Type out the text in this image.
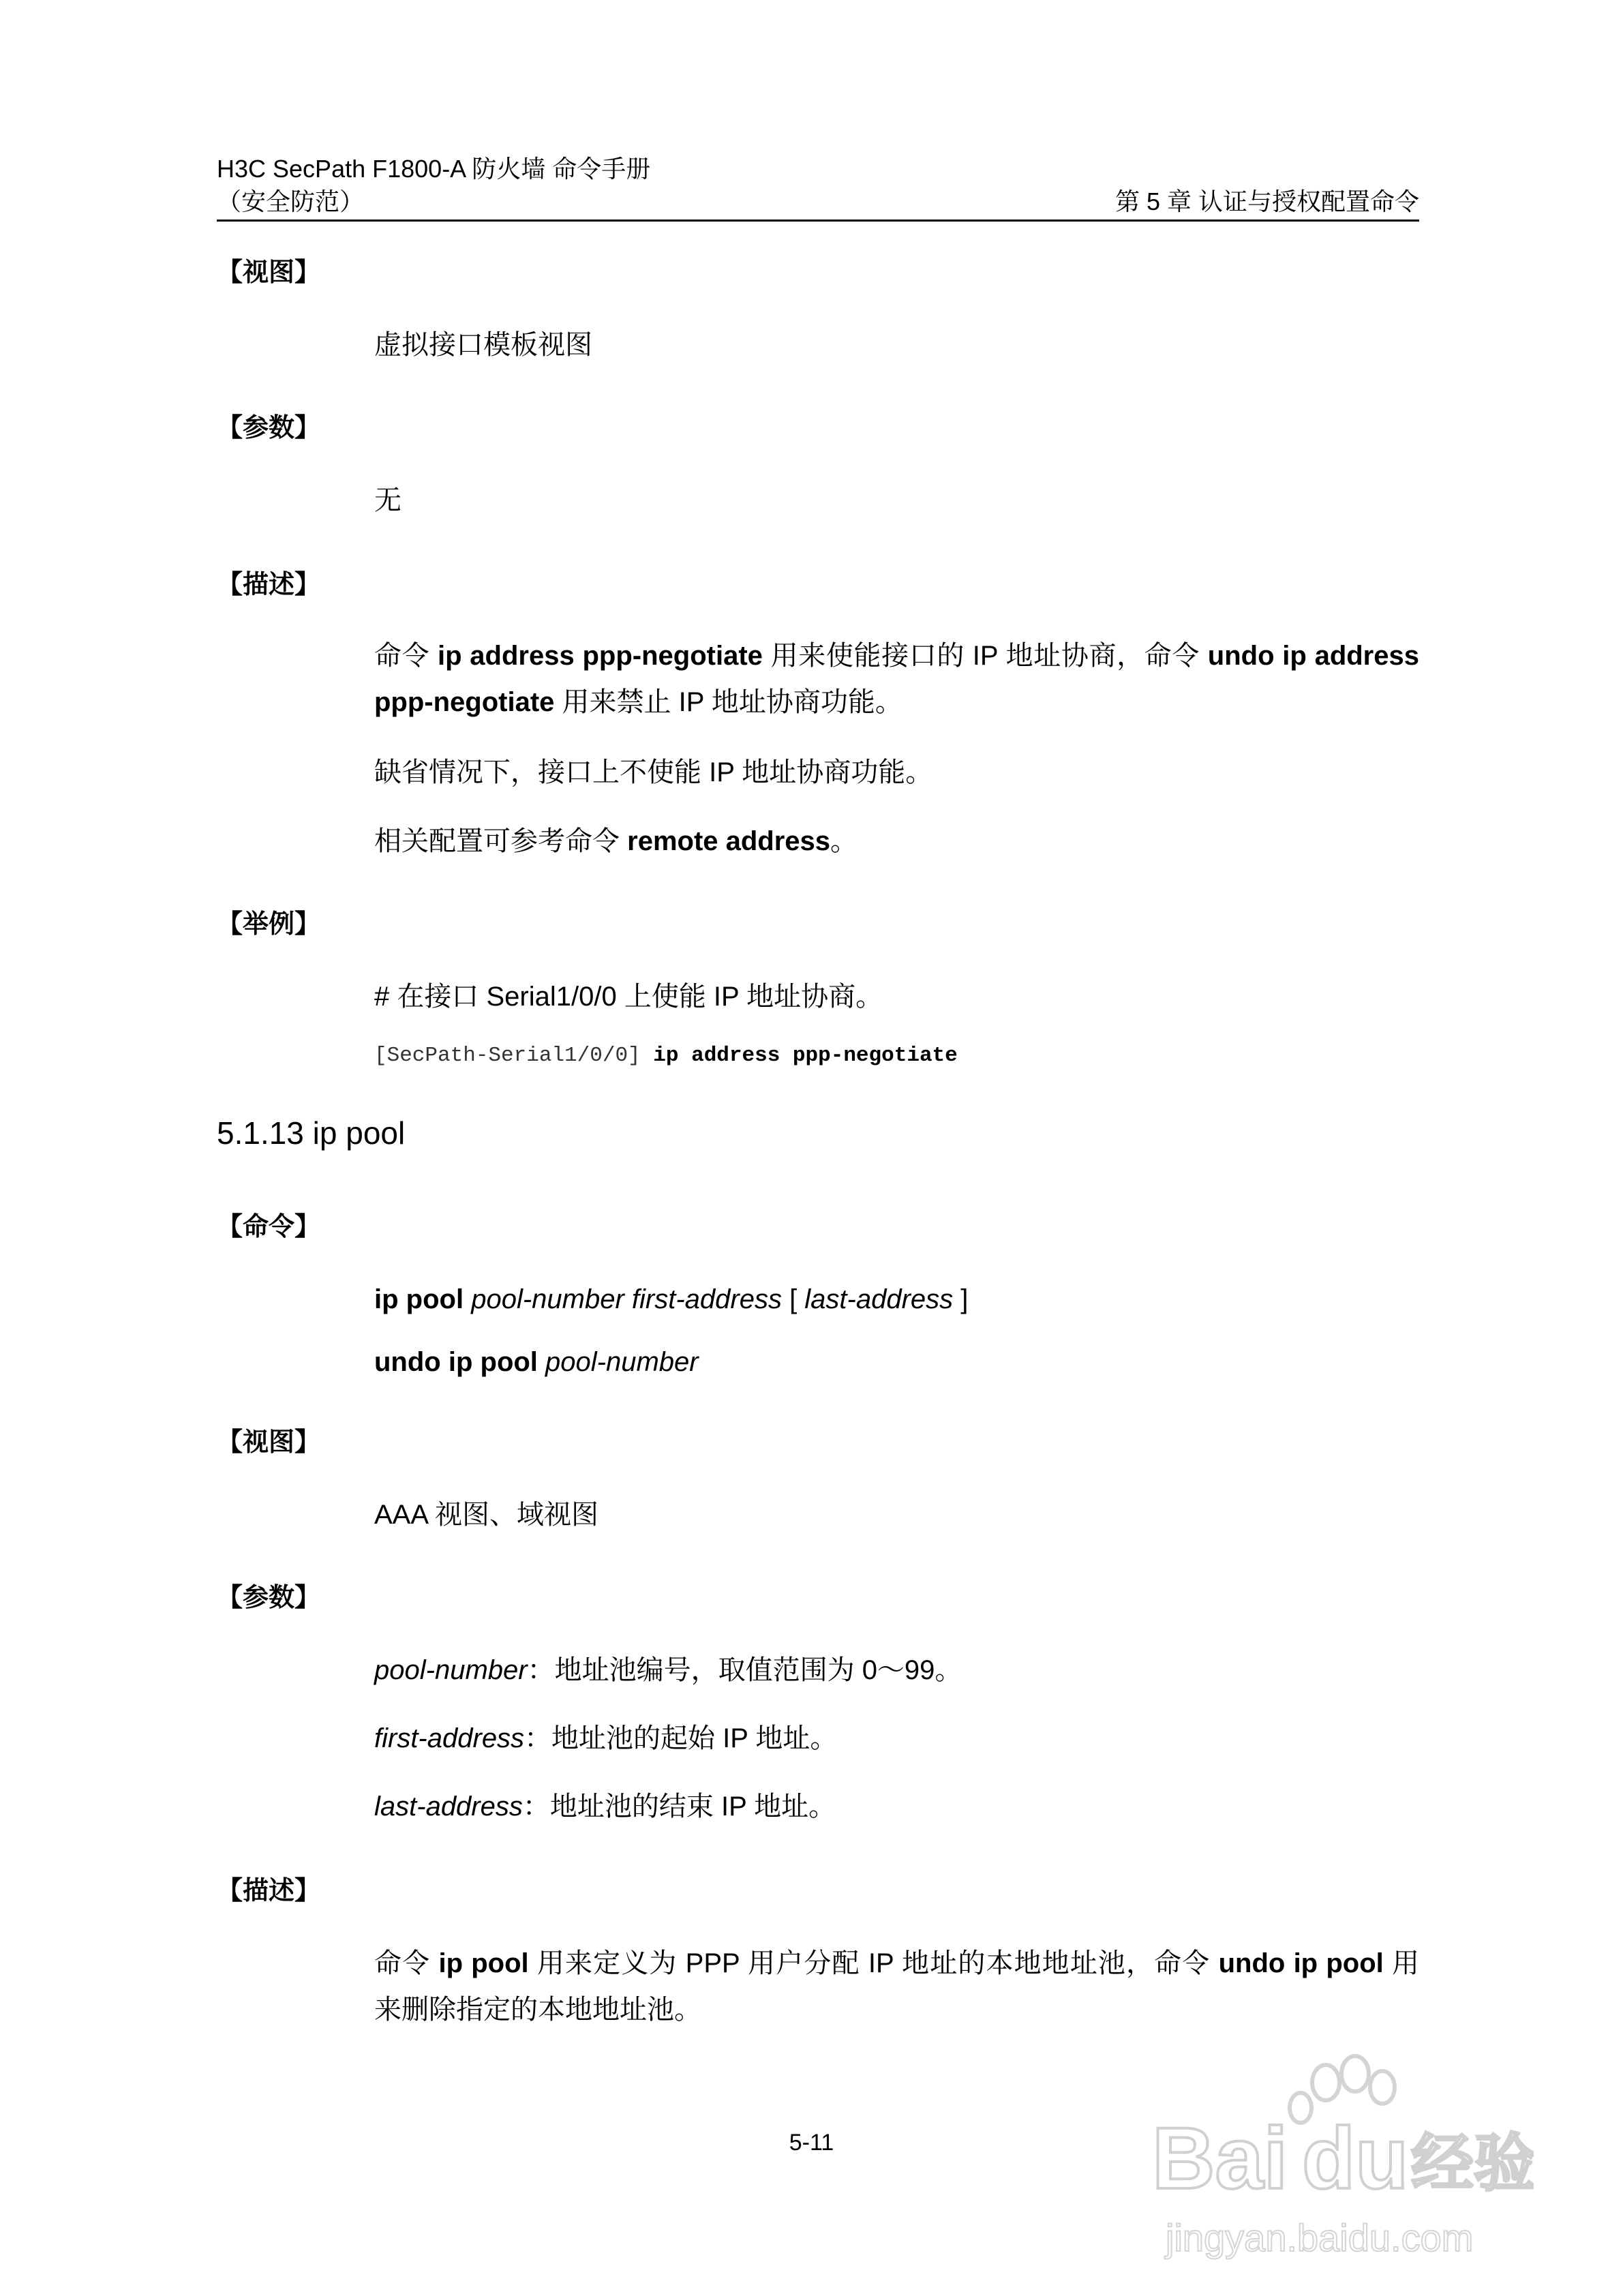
H3C SecPath F1800-A 防火墙 命令手册
（安全防范）	第 5 章 认证与授权配置命令
【视图】
虚拟接口模板视图
【参数】
无
【描述】
命令 ip address ppp-negotiate 用来使能接口的 IP 地址协商，命令 undo ip address ppp-negotiate 用来禁止 IP 地址协商功能。
缺省情况下，接口上不使能 IP 地址协商功能。
相关配置可参考命令 remote address。
【举例】
# 在接口 Serial1/0/0 上使能 IP 地址协商。
[SecPath-Serial1/0/0] ip address ppp-negotiate
5.1.13 ip pool
【命令】
ip pool pool-number first-address [ last-address ]
undo ip pool pool-number
【视图】
AAA 视图、域视图
【参数】
pool-number：地址池编号，取值范围为 0～99。
first-address：地址池的起始 IP 地址。
last-address：地址池的结束 IP 地址。
【描述】
命令 ip pool 用来定义为 PPP 用户分配 IP 地址的本地地址池，命令 undo ip pool 用来删除指定的本地地址池。
5-11	Bai du 经验
jingyan.baidu.com
